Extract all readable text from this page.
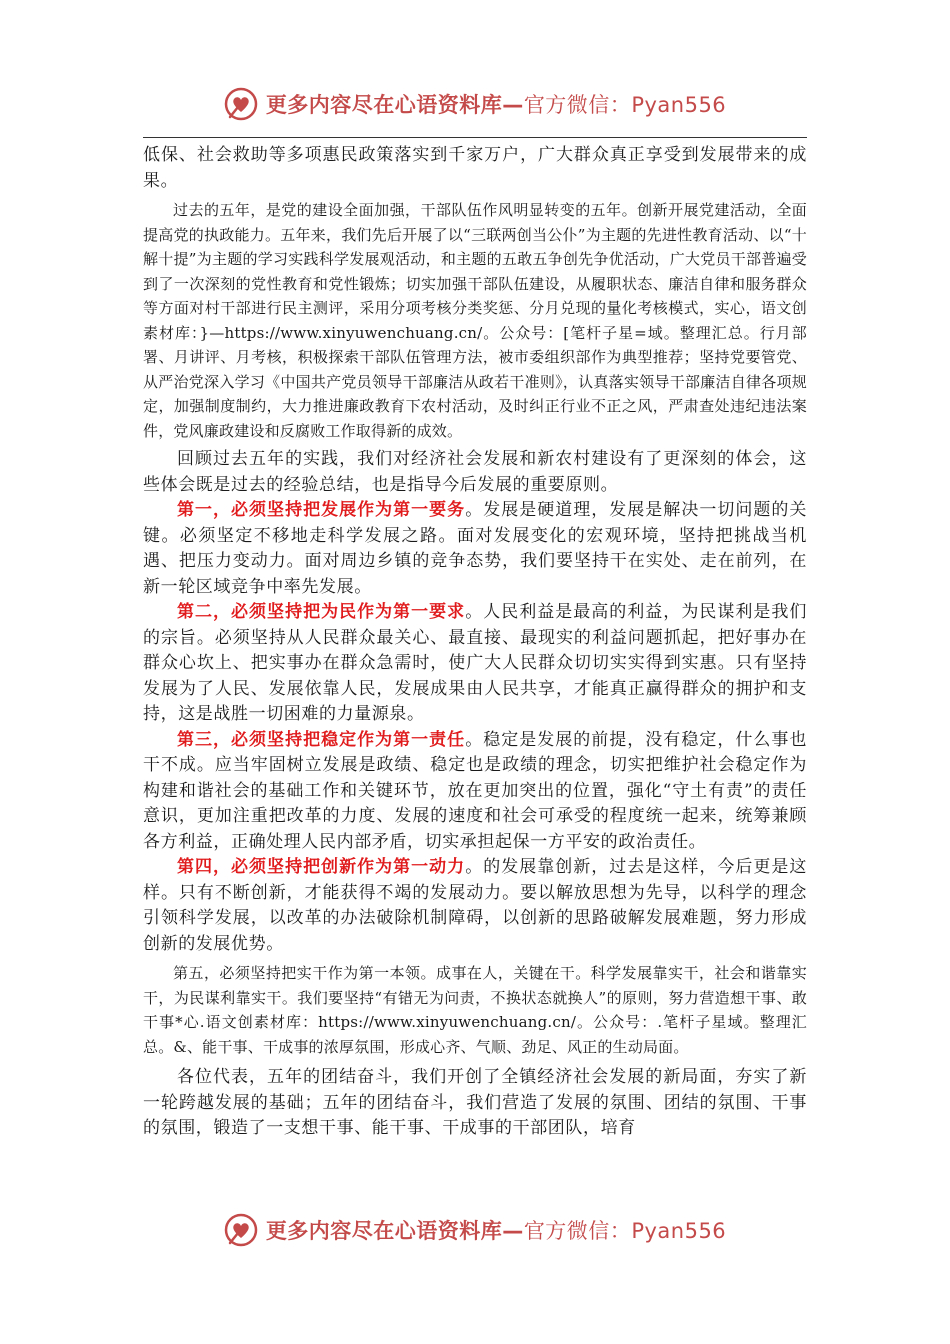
更多内容尽在心语资料库—官方微信：Pyan556

低保、社会救助等多项惠民政策落实到千家万户，广大群众真正享受到发展带来的成果。

过去的五年，是党的建设全面加强，干部队伍作风明显转变的五年。创新开展党建活动，全面提高党的执政能力。五年来，我们先后开展了以“三联两创当公仆”为主题的先进性教育活动、以“十解十提”为主题的学习实践科学发展观活动，和主题的五敢五争创先争优活动，广大党员干部普遍受到了一次深刻的党性教育和党性锻炼；切实加强干部队伍建设，从履职状态、廉洁自律和服务群众等方面对村干部进行民主测评，采用分项考核分类奖惩、分月兑现的量化考核模式，实心，语文创素材库：}—https://www.xinyuwenchuang.cn/。公众号：[笔杆子星=域。整理汇总。行月部署、月讲评、月考核，积极探索干部队伍管理方法，被市委组织部作为典型推荐；坚持党要管党、从严治党深入学习《中国共产党员领导干部廉洁从政若干准则》，认真落实领导干部廉洁自律各项规定，加强制度制约，大力推进廉政教育下农村活动，及时纠正行业不正之风，严肃查处违纪违法案件，党风廉政建设和反腐败工作取得新的成效。

回顾过去五年的实践，我们对经济社会发展和新农村建设有了更深刻的体会，这些体会既是过去的经验总结，也是指导今后发展的重要原则。

第一，必须坚持把发展作为第一要务。发展是硬道理，发展是解决一切问题的关键。必须坚定不移地走科学发展之路。面对发展变化的宏观环境，坚持把挑战当机遇、把压力变动力。面对周边乡镇的竞争态势，我们要坚持干在实处、走在前列，在新一轮区域竞争中率先发展。

第二，必须坚持把为民作为第一要求。人民利益是最高的利益，为民谋利是我们的宗旨。必须坚持从人民群众最关心、最直接、最现实的利益问题抓起，把好事办在群众心坎上、把实事办在群众急需时，使广大人民群众切切实实得到实惠。只有坚持发展为了人民、发展依靠人民，发展成果由人民共享，才能真正赢得群众的拥护和支持，这是战胜一切困难的力量源泉。

第三，必须坚持把稳定作为第一责任。稳定是发展的前提，没有稳定，什么事也干不成。应当牢固树立发展是政绩、稳定也是政绩的理念，切实把维护社会稳定作为构建和谐社会的基础工作和关键环节，放在更加突出的位置，强化“守土有责”的责任意识，更加注重把改革的力度、发展的速度和社会可承受的程度统一起来，统筹兼顾各方利益，正确处理人民内部矛盾，切实承担起保一方平安的政治责任。

第四，必须坚持把创新作为第一动力。的发展靠创新，过去是这样，今后更是这样。只有不断创新，才能获得不竭的发展动力。要以解放思想为先导，以科学的理念引领科学发展，以改革的办法破除机制障碍，以创新的思路破解发展难题，努力形成创新的发展优势。

第五，必须坚持把实干作为第一本领。成事在人，关键在干。科学发展靠实干，社会和谐靠实干，为民谋利靠实干。我们要坚持“有错无为问责，不换状态就换人”的原则，努力营造想干事、敢干事*心.语文创素材库：https://www.xinyuwenchuang.cn/。公众号：.笔杆子星域。整理汇总。&、能干事、干成事的浓厚氛围，形成心齐、气顺、劲足、风正的生动局面。

各位代表，五年的团结奋斗，我们开创了全镇经济社会发展的新局面，夯实了新一轮跨越发展的基础；五年的团结奋斗，我们营造了发展的氛围、团结的氛围、干事的氛围，锻造了一支想干事、能干事、干成事的干部团队，培育

更多内容尽在心语资料库—官方微信：Pyan556
